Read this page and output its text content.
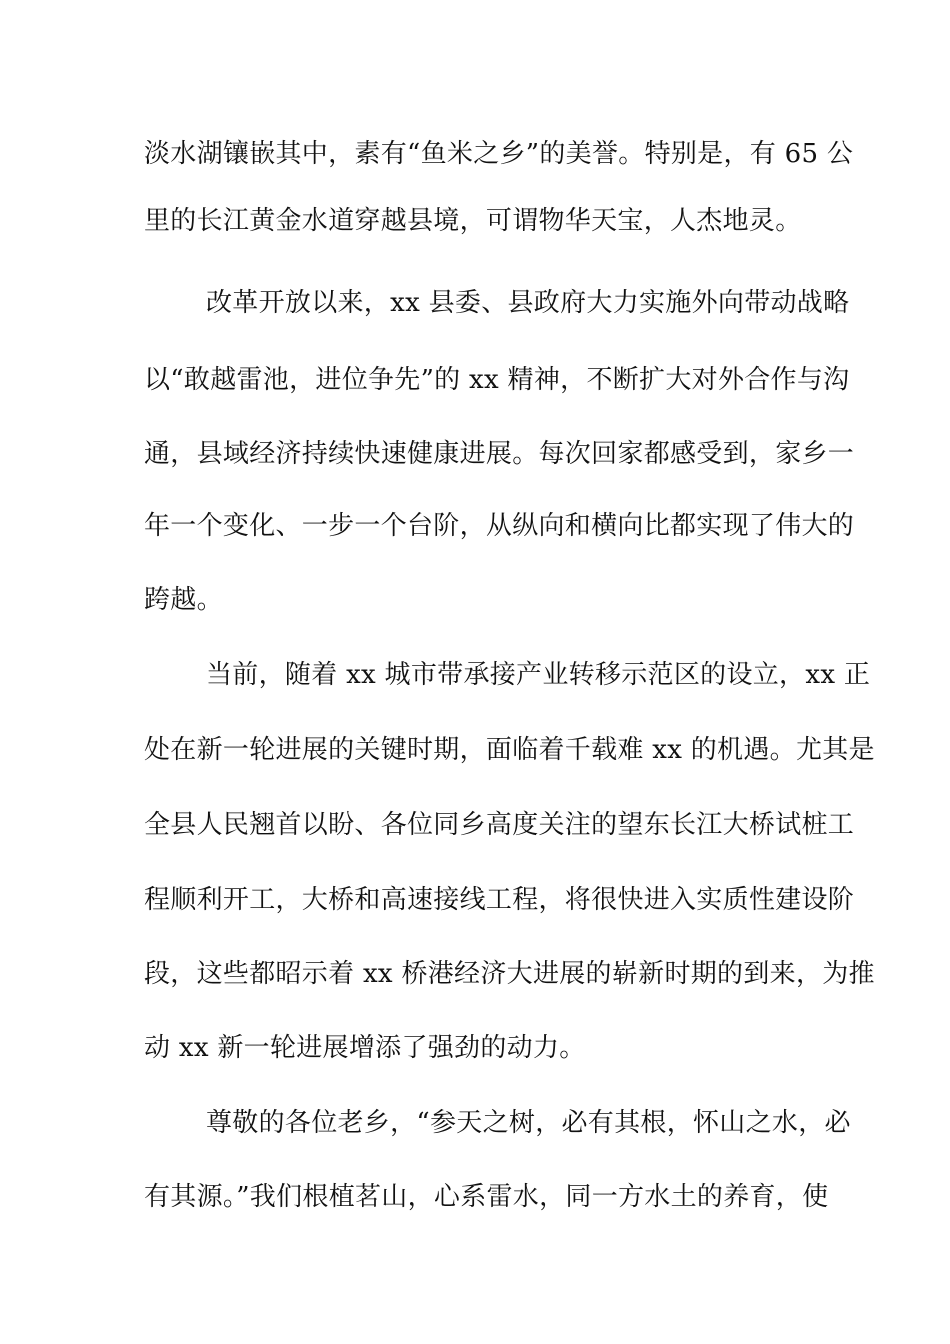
淡水湖镶嵌其中，素有“鱼米之乡”的美誉。特别是，有 65 公
里的长江黄金水道穿越县境，可谓物华天宝，人杰地灵。
改革开放以来，xx 县委、县政府大力实施外向带动战略
以“敢越雷池，进位争先”的 xx 精神，不断扩大对外合作与沟
通，县域经济持续快速健康进展。每次回家都感受到，家乡一
年一个变化、一步一个台阶，从纵向和横向比都实现了伟大的
跨越。
当前，随着 xx 城市带承接产业转移示范区的设立，xx 正
处在新一轮进展的关键时期，面临着千载难 xx 的机遇。尤其是
全县人民翘首以盼、各位同乡高度关注的望东长江大桥试桩工
程顺利开工，大桥和高速接线工程，将很快进入实质性建设阶
段，这些都昭示着 xx 桥港经济大进展的崭新时期的到来，为推
动 xx 新一轮进展增添了强劲的动力。
尊敬的各位老乡，“参天之树，必有其根，怀山之水，必
有其源。”我们根植茗山，心系雷水，同一方水土的养育，使
